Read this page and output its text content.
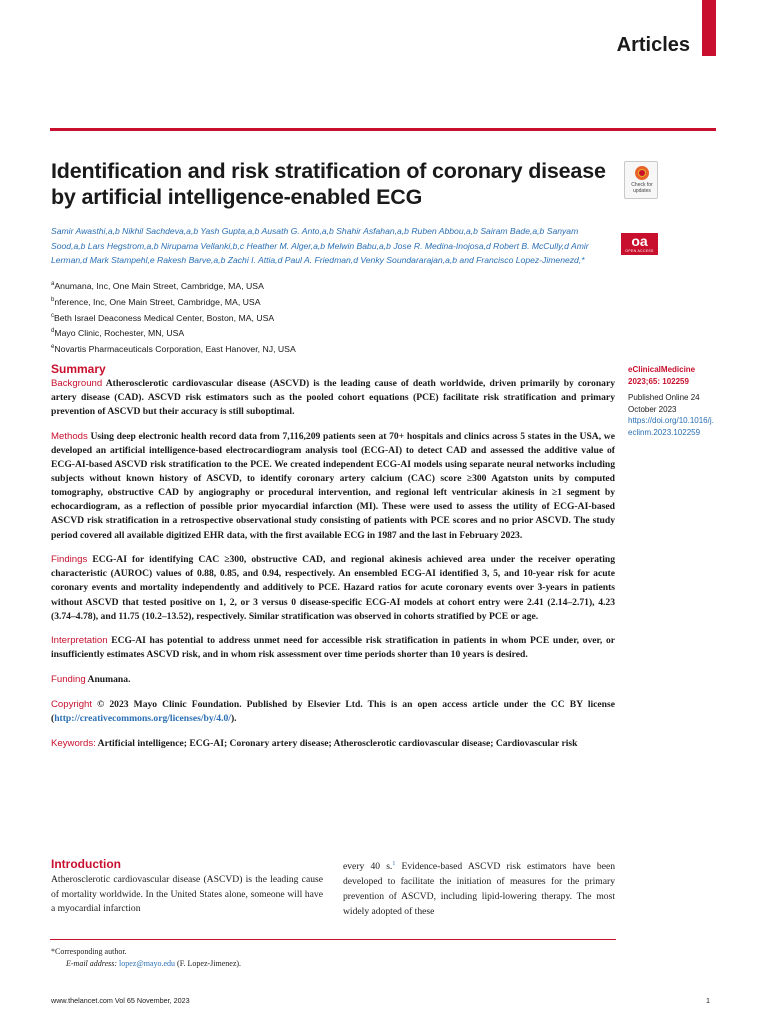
Articles
Identification and risk stratification of coronary disease by artificial intelligence-enabled ECG	Check for updates
oa
OPEN ACCESS
Samir Awasthi,a,b Nikhil Sachdeva,a,b Yash Gupta,a,b Ausath G. Anto,a,b Shahir Asfahan,a,b Ruben Abbou,a,b Sairam Bade,a,b Sanyam Sood,a,b Lars Hegstrom,a,b Nirupama Vellanki,b,c Heather M. Alger,a,b Melwin Babu,a,b Jose R. Medina-Inojosa,d Robert B. McCully,d Amir Lerman,d Mark Stampehl,e Rakesh Barve,a,b Zachi I. Attia,d Paul A. Friedman,d Venky Soundararajan,a,b and Francisco Lopez-Jimenezd,*
$^a$Anumana, Inc, One Main Street, Cambridge, MA, USA
$^b$nference, Inc, One Main Street, Cambridge, MA, USA
$^c$Beth Israel Deaconess Medical Center, Boston, MA, USA
$^d$Mayo Clinic, Rochester, MN, USA
$^e$Novartis Pharmaceuticals Corporation, East Hanover, NJ, USA
eClinicalMedicine
2023;65: 102259
Published Online 24 October 2023
https://doi.org/10.1016/j.eclinm.2023.102259
Summary

Background Atherosclerotic cardiovascular disease (ASCVD) is the leading cause of death worldwide, driven primarily by coronary artery disease (CAD). ASCVD risk estimators such as the pooled cohort equations (PCE) facilitate risk stratification and primary prevention of ASCVD but their accuracy is still suboptimal.

Methods Using deep electronic health record data from 7,116,209 patients seen at 70+ hospitals and clinics across 5 states in the USA, we developed an artificial intelligence-based electrocardiogram analysis tool (ECG-AI) to detect CAD and assessed the additive value of ECG-AI-based ASCVD risk stratification to the PCE. We created independent ECG-AI models using separate neural networks including subjects without known history of ASCVD, to identify coronary artery calcium (CAC) score ≥300 Agatston units by computed tomography, obstructive CAD by angiography or procedural intervention, and regional left ventricular akinesis in ≥1 segment by echocardiogram, as a reflection of possible prior myocardial infarction (MI). These were used to assess the utility of ECG-AI-based ASCVD risk stratification in a retrospective observational study consisting of patients with PCE scores and no prior ASCVD. The study period covered all available digitized EHR data, with the first available ECG in 1987 and the last in February 2023.

Findings ECG-AI for identifying CAC ≥300, obstructive CAD, and regional akinesis achieved area under the receiver operating characteristic (AUROC) values of 0.88, 0.85, and 0.94, respectively. An ensembled ECG-AI identified 3, 5, and 10-year risk for acute coronary events and mortality independently and additively to PCE. Hazard ratios for acute coronary events over 3-years in patients without ASCVD that tested positive on 1, 2, or 3 versus 0 disease-specific ECG-AI models at cohort entry were 2.41 (2.14–2.71), 4.23 (3.74–4.78), and 11.75 (10.2–13.52), respectively. Similar stratification was observed in cohorts stratified by PCE or age.

Interpretation ECG-AI has potential to address unmet need for accessible risk stratification in patients in whom PCE under, over, or insufficiently estimates ASCVD risk, and in whom risk assessment over time periods shorter than 10 years is desired.

Funding Anumana.

Copyright © 2023 Mayo Clinic Foundation. Published by Elsevier Ltd. This is an open access article under the CC BY license (http://creativecommons.org/licenses/by/4.0/).

Keywords: Artificial intelligence; ECG-AI; Coronary artery disease; Atherosclerotic cardiovascular disease; Cardiovascular risk

Introduction

Atherosclerotic cardiovascular disease (ASCVD) is the leading cause of mortality worldwide. In the United States alone, someone will have a myocardial infarction

every 40 s.$^1$ Evidence-based ASCVD risk estimators have been developed to facilitate the initiation of measures for the primary prevention of ASCVD, including lipid-lowering therapy. The most widely adopted of these

*Corresponding author.
E-mail address: lopez@mayo.edu (F. Lopez-Jimenez).
www.thelancet.com Vol 65 November, 2023	1
